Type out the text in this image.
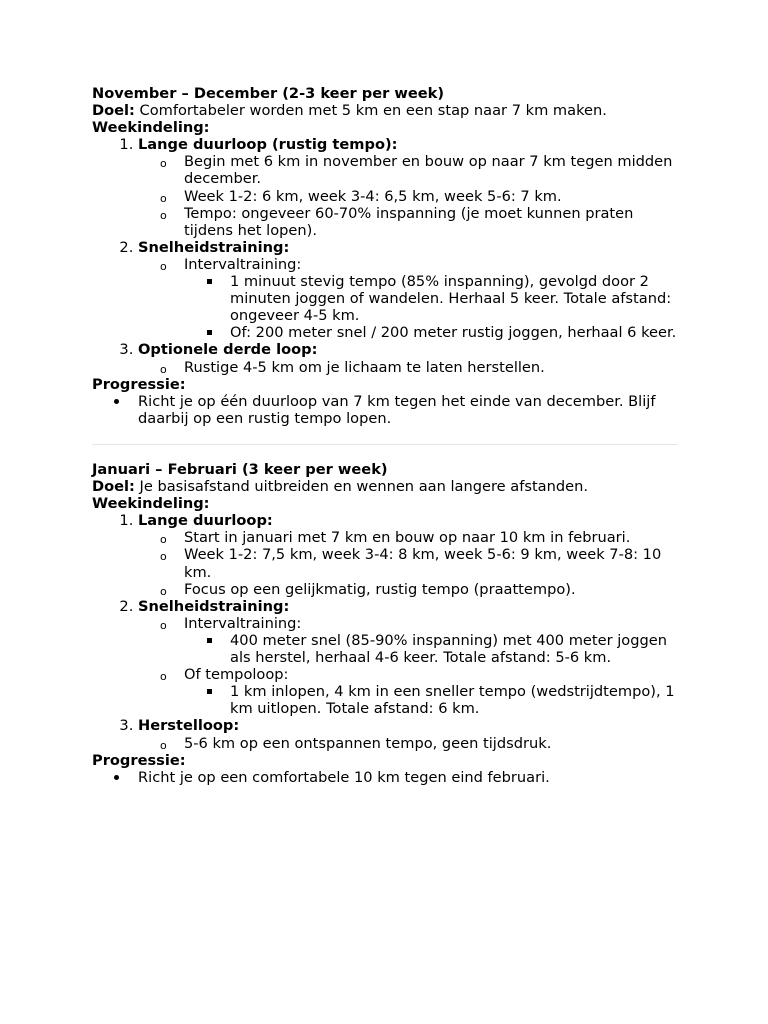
November – December (2-3 keer per week)

Doel: Comfortabeler worden met 5 km en een stap naar 7 km maken.

Weekindeling:

1. Lange duurloop (rustig tempo):
o Begin met 6 km in november en bouw op naar 7 km tegen midden december.
o Week 1-2: 6 km, week 3-4: 6,5 km, week 5-6: 7 km.
o Tempo: ongeveer 60-70% inspanning (je moet kunnen praten tijdens het lopen).
2. Snelheidstraining:
o Intervaltraining:
1 minuut stevig tempo (85% inspanning), gevolgd door 2 minuten joggen of wandelen. Herhaal 5 keer. Totale afstand: ongeveer 4-5 km.
Of: 200 meter snel / 200 meter rustig joggen, herhaal 6 keer.
3. Optionele derde loop:
o Rustige 4-5 km om je lichaam te laten herstellen.

Progressie:

Richt je op één duurloop van 7 km tegen het einde van december. Blijf daarbij op een rustig tempo lopen.

Januari – Februari (3 keer per week)

Doel: Je basisafstand uitbreiden en wennen aan langere afstanden.

Weekindeling:

1. Lange duurloop:
o Start in januari met 7 km en bouw op naar 10 km in februari.
o Week 1-2: 7,5 km, week 3-4: 8 km, week 5-6: 9 km, week 7-8: 10 km.
o Focus op een gelijkmatig, rustig tempo (praattempo).
2. Snelheidstraining:
o Intervaltraining:
400 meter snel (85-90% inspanning) met 400 meter joggen als herstel, herhaal 4-6 keer. Totale afstand: 5-6 km.
o Of tempoloop:
1 km inlopen, 4 km in een sneller tempo (wedstrijdtempo), 1 km uitlopen. Totale afstand: 6 km.
3. Herstelloop:
o 5-6 km op een ontspannen tempo, geen tijdsdruk.

Progressie:

Richt je op een comfortabele 10 km tegen eind februari.
